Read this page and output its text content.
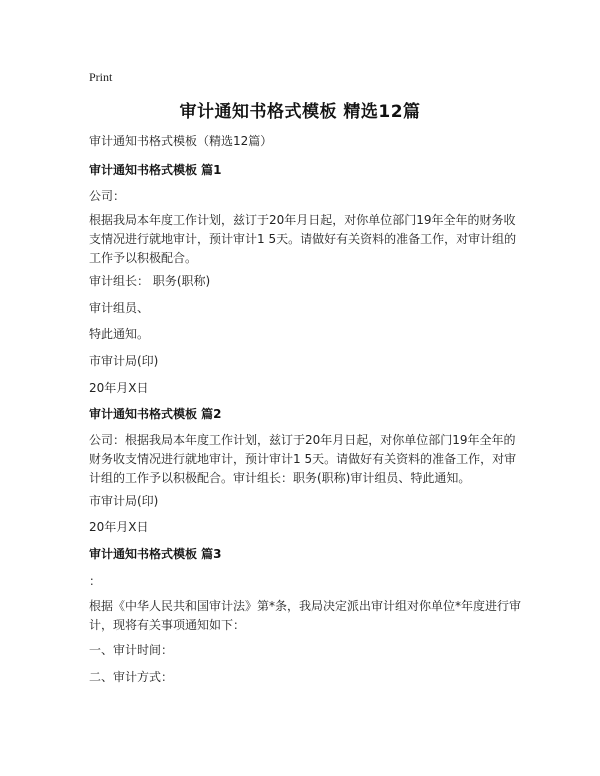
Print
审计通知书格式模板 精选12篇
审计通知书格式模板（精选12篇）
审计通知书格式模板 篇1
公司：
根据我局本年度工作计划，兹订于20年月日起，对你单位部门19年全年的财务收支情况进行就地审计，预计审计1 5天。请做好有关资料的准备工作，对审计组的工作予以积极配合。
审计组长： 职务(职称)
审计组员、
特此通知。
市审计局(印)
20年月X日
审计通知书格式模板 篇2
公司：根据我局本年度工作计划，兹订于20年月日起，对你单位部门19年全年的财务收支情况进行就地审计，预计审计1 5天。请做好有关资料的准备工作，对审计组的工作予以积极配合。审计组长：职务(职称)审计组员、特此通知。
市审计局(印)
20年月X日
审计通知书格式模板 篇3
：
根据《中华人民共和国审计法》第*条，我局决定派出审计组对你单位*年度进行审计，现将有关事项通知如下：
一、审计时间：
二、审计方式：
